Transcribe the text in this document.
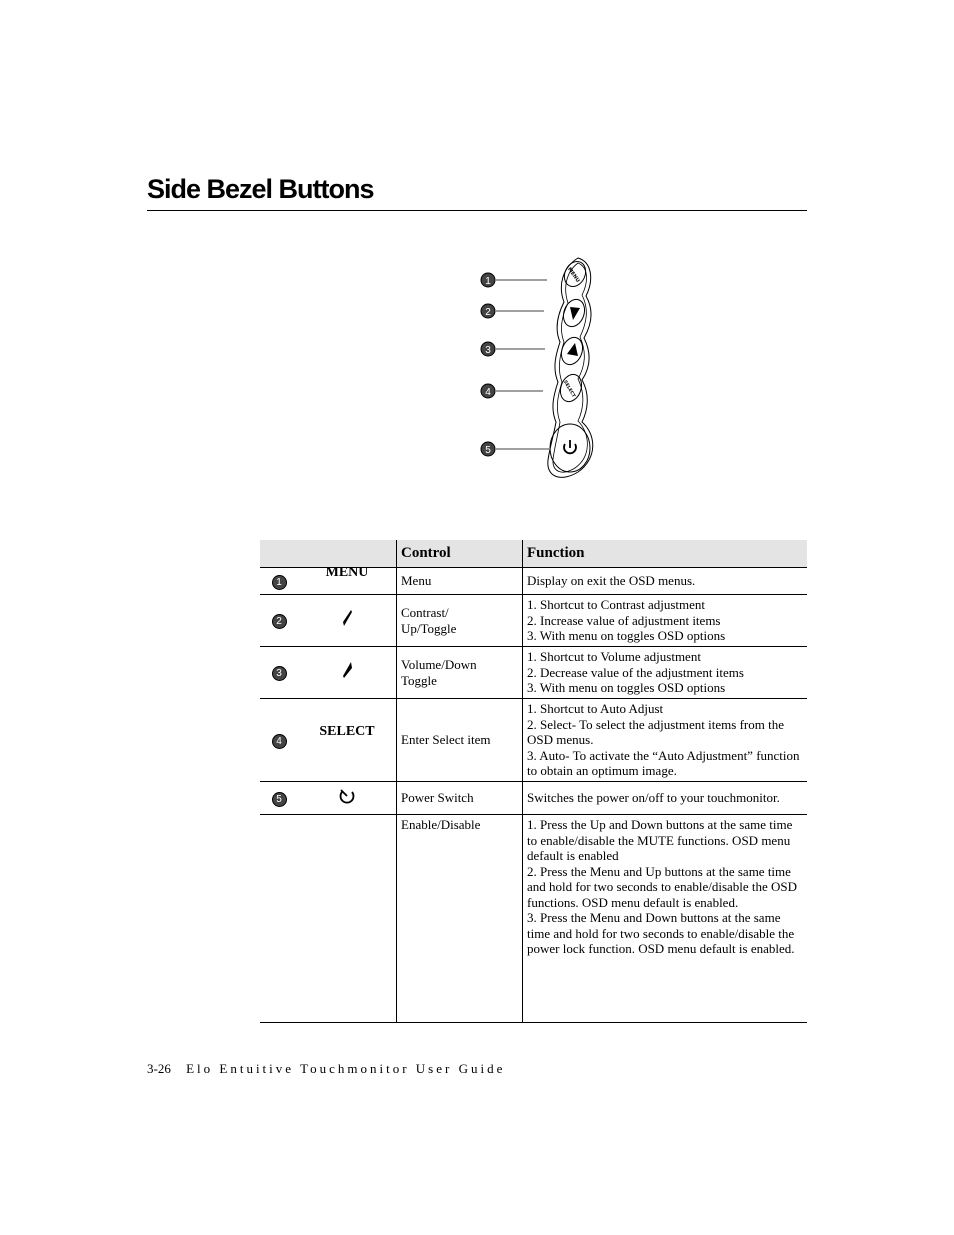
Side Bezel Buttons
MENU
SELECT
1
2
3
4
5
		Control	Function
1	MENU	Menu	Display on exit the OSD menus.

2		Contrast/
Up/Toggle	1. Shortcut to Contrast adjustment
2. Increase value of adjustment items
3. With menu on toggles OSD options

3		Volume/Down
Toggle	1. Shortcut to Volume adjustment
2. Decrease value of the adjustment items
3. With menu on toggles OSD options

4	SELECT	Enter Select item	1. Shortcut to Auto Adjust
2. Select- To select the adjustment items from the OSD menus.
3. Auto- To activate the “Auto Adjustment” function to obtain an optimum image.

5		Power Switch	Switches the power on/off to your touchmonitor.

		Enable/Disable	1. Press the Up and Down buttons at the same time to enable/disable the MUTE functions. OSD menu default is enabled
2. Press the Menu and Up buttons at the same time and hold for two seconds to enable/disable the OSD functions. OSD menu default is enabled.
3. Press the Menu and Down buttons at the same time and hold for two seconds to enable/disable the power lock function. OSD menu default is enabled.
3-26 Elo Entuitive Touchmonitor User Guide
